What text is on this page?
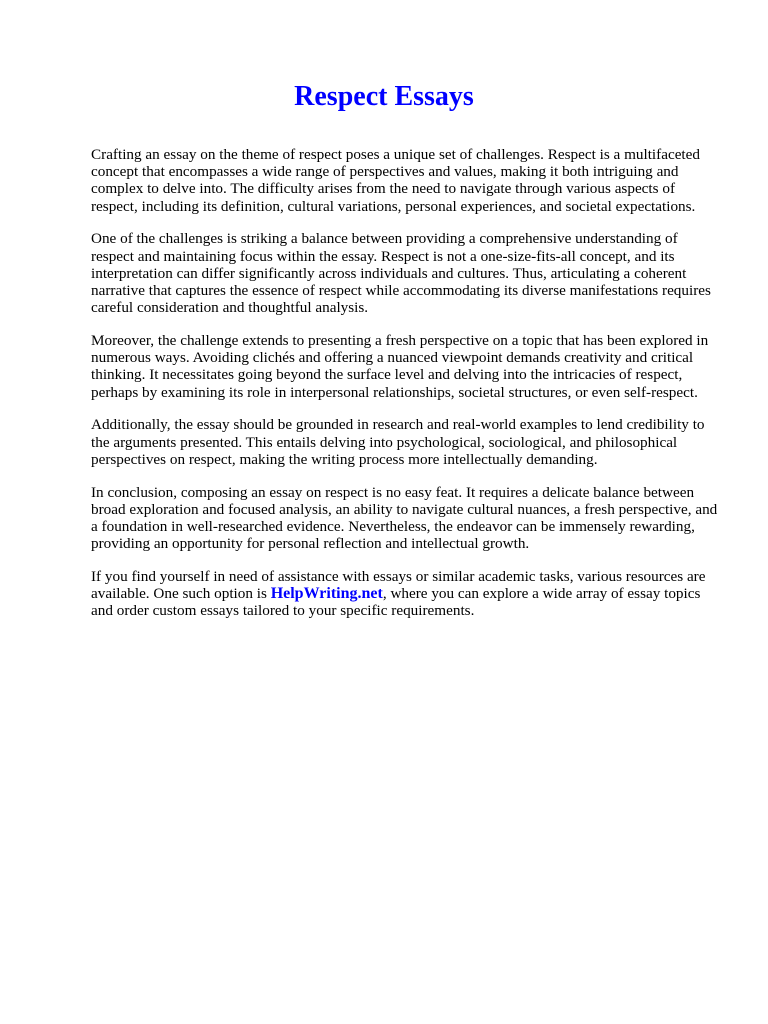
Respect Essays

Crafting an essay on the theme of respect poses a unique set of challenges. Respect is a multifaceted concept that encompasses a wide range of perspectives and values, making it both intriguing and complex to delve into. The difficulty arises from the need to navigate through various aspects of respect, including its definition, cultural variations, personal experiences, and societal expectations.

One of the challenges is striking a balance between providing a comprehensive understanding of respect and maintaining focus within the essay. Respect is not a one-size-fits-all concept, and its interpretation can differ significantly across individuals and cultures. Thus, articulating a coherent narrative that captures the essence of respect while accommodating its diverse manifestations requires careful consideration and thoughtful analysis.

Moreover, the challenge extends to presenting a fresh perspective on a topic that has been explored in numerous ways. Avoiding clichés and offering a nuanced viewpoint demands creativity and critical thinking. It necessitates going beyond the surface level and delving into the intricacies of respect, perhaps by examining its role in interpersonal relationships, societal structures, or even self-respect.

Additionally, the essay should be grounded in research and real-world examples to lend credibility to the arguments presented. This entails delving into psychological, sociological, and philosophical perspectives on respect, making the writing process more intellectually demanding.

In conclusion, composing an essay on respect is no easy feat. It requires a delicate balance between broad exploration and focused analysis, an ability to navigate cultural nuances, a fresh perspective, and a foundation in well-researched evidence. Nevertheless, the endeavor can be immensely rewarding, providing an opportunity for personal reflection and intellectual growth.

If you find yourself in need of assistance with essays or similar academic tasks, various resources are available. One such option is HelpWriting.net, where you can explore a wide array of essay topics and order custom essays tailored to your specific requirements.
